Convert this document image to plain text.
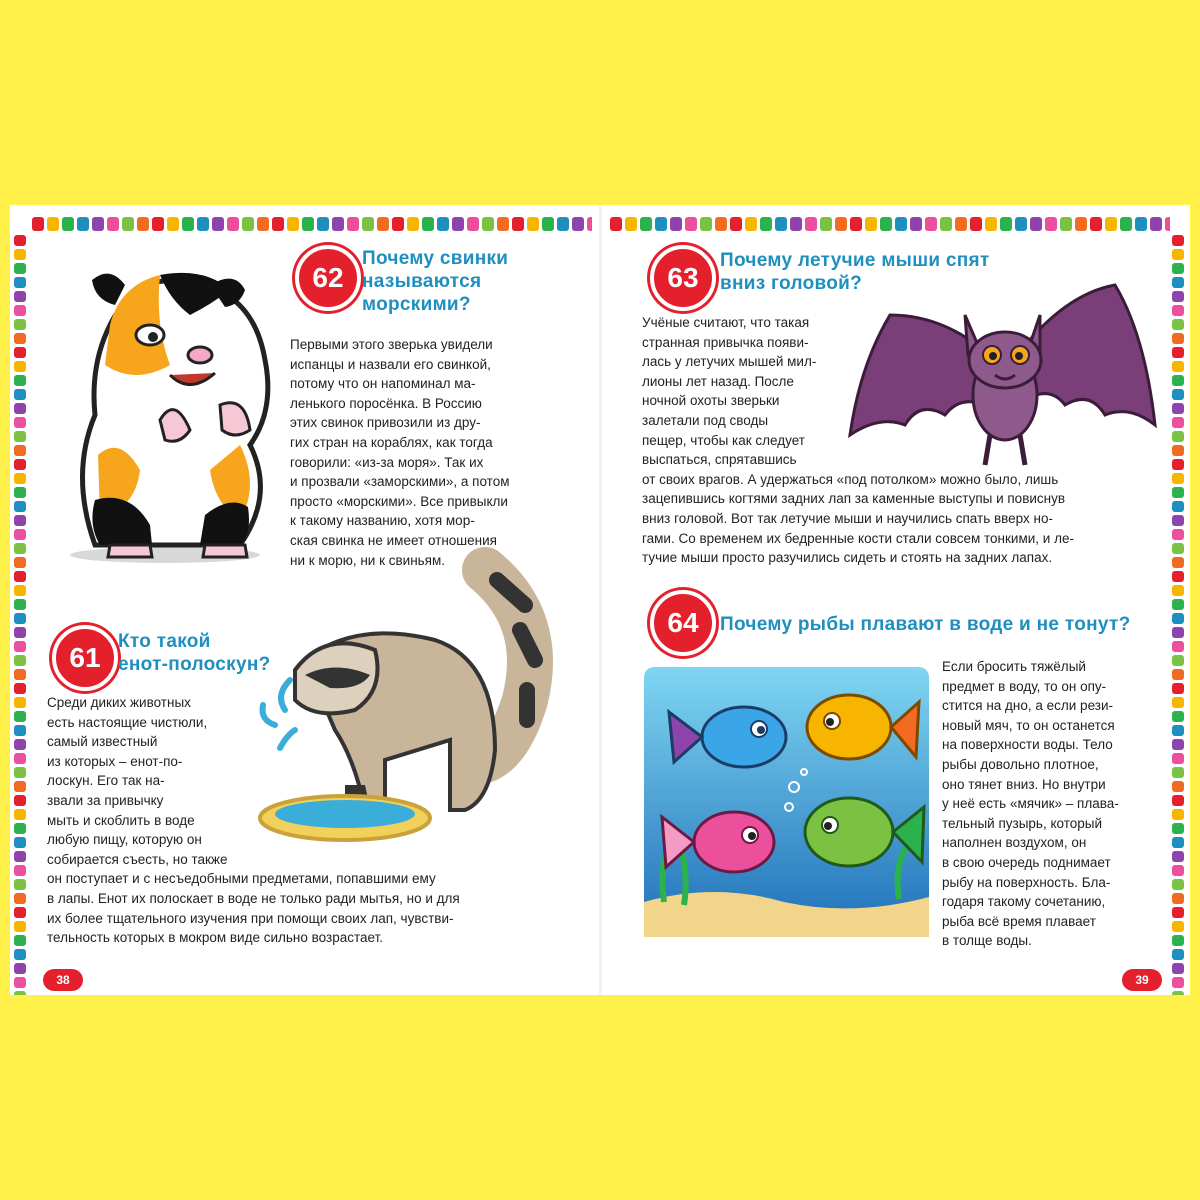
62
Почему свинки
называются
морскими?

Первыми этого зверька увидели

испанцы и назвали его свинкой,

потому что он напоминал ма-

ленького поросёнка. В Россию

этих свинок привозили из дру-

гих стран на кораблях, как тогда

говорили: «из-за моря». Так их

и прозвали «заморскими», а потом

просто «морскими». Все привыкли

к такому названию, хотя мор-

ская свинка не имеет отношения

ни к морю, ни к свиньям.

61
Кто такой
енот-полоскун?

Среди диких животных

есть настоящие чистюли,

самый известный

из которых – енот-по-

лоскун. Его так на-

звали за привычку

мыть и скоблить в воде

любую пищу, которую он

собирается съесть, но также

он поступает и с несъедобными предметами, попавшими ему

в лапы. Енот их полоскает в воде не только ради мытья, но и для

их более тщательного изучения при помощи своих лап, чувстви-

тельность которых в мокром виде сильно возрастает.

38
63
Почему летучие мыши спят
вниз головой?

Учёные считают, что такая

странная привычка появи-

лась у летучих мышей мил-

лионы лет назад. После

ночной охоты зверьки

залетали под своды

пещер, чтобы как следует

выспаться, спрятавшись

от своих врагов. А удержаться «под потолком» можно было, лишь

зацепившись когтями задних лап за каменные выступы и повиснув

вниз головой. Вот так летучие мыши и научились спать вверх но-

гами. Со временем их бедренные кости стали совсем тонкими, и ле-

тучие мыши просто разучились сидеть и стоять на задних лапах.

64 Почему рыбы плавают в воде и не тонут?

Если бросить тяжёлый

предмет в воду, то он опу-

стится на дно, а если рези-

новый мяч, то он останется

на поверхности воды. Тело

рыбы довольно плотное,

оно тянет вниз. Но внутри

у неё есть «мячик» – плава-

тельный пузырь, который

наполнен воздухом, он

в свою очередь поднимает

рыбу на поверхность. Бла-

годаря такому сочетанию,

рыба всё время плавает

в толще воды.

39
